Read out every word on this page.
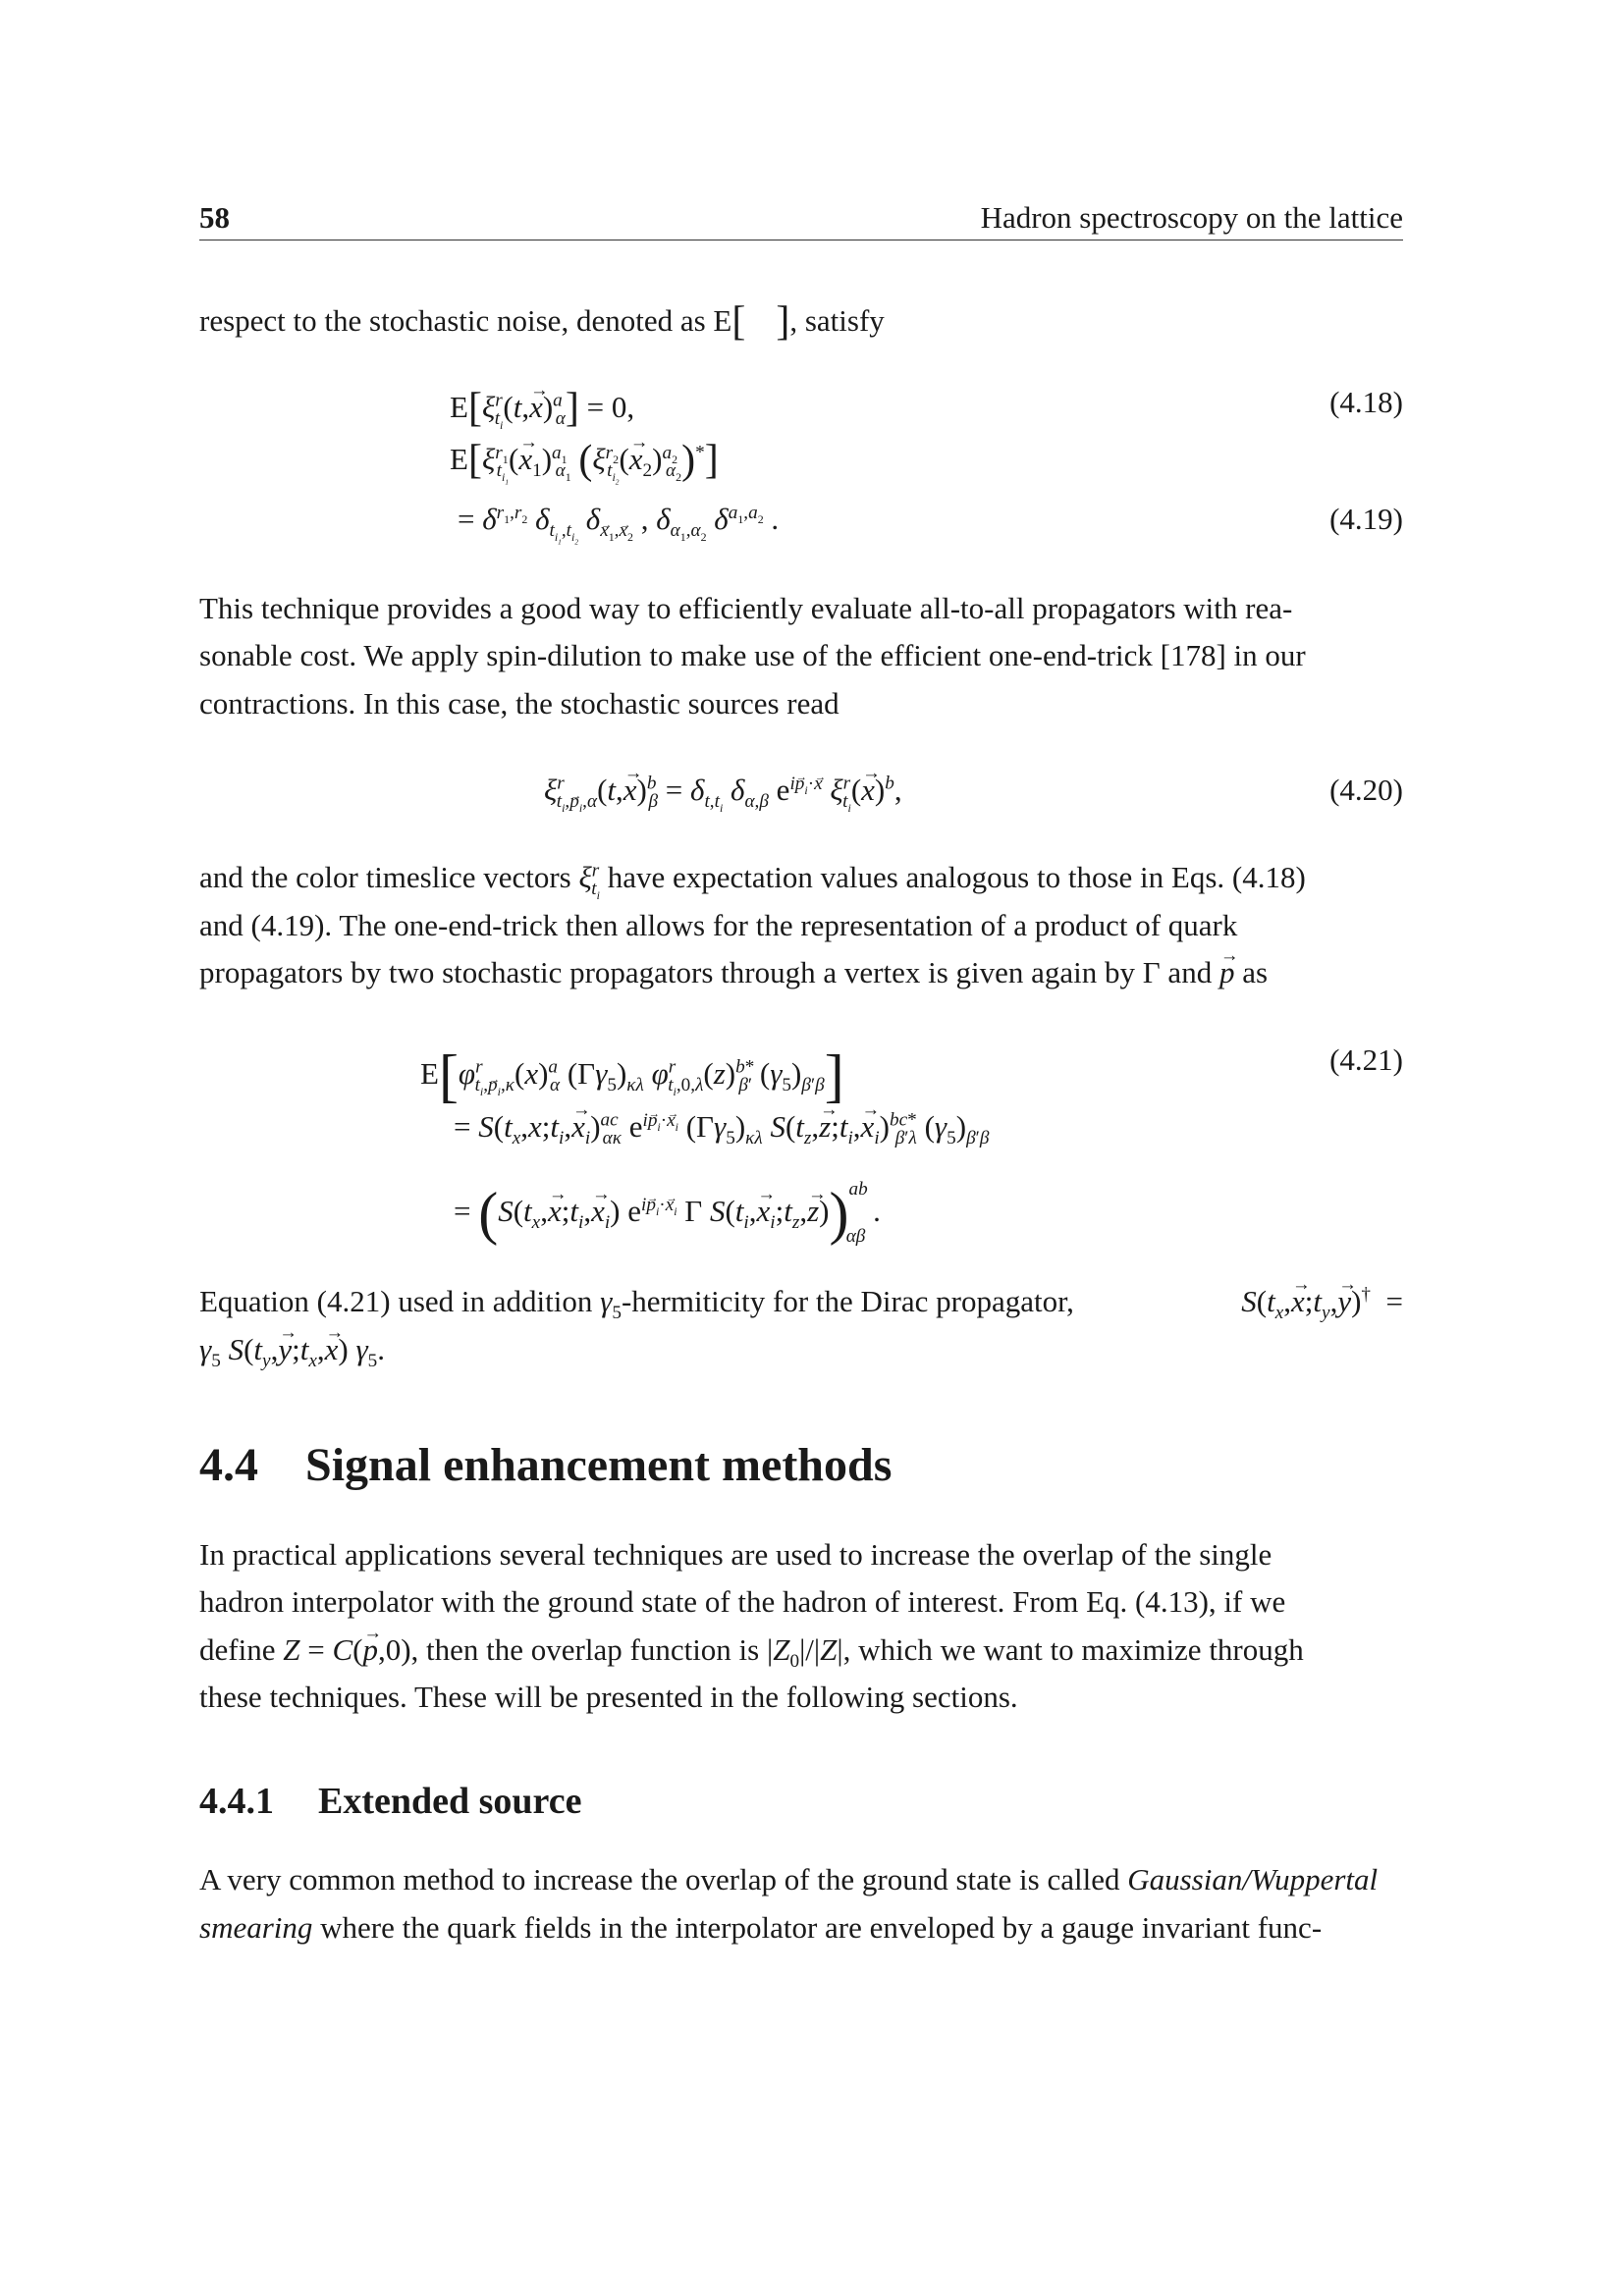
58	Hadron spectroscopy on the lattice
respect to the stochastic noise, denoted as E[ ], satisfy
$E[\xi^r_{t_i}(t,\to x)^a_\alpha] = 0$,	(4.18)
$E[\xi^{r_1}_{t_{i_1}}(\to x_1)^{a_1}_{\alpha_1}$ $(\xi^{r_2}_{t_{i_2}}(\to x_2)^{a_2}_{\alpha_2})^*$]
= $\delta^{r_1,r_2}$ $\delta_{t_{i_1},t_{i_2}}$ $\delta_{x_1,x_2}$ , $\delta_{\alpha_1,\alpha_2}$ $\delta^{a_1,a_2}$ .	(4.19)
This technique provides a good way to efficiently evaluate all-to-all propagators with rea-
sonable cost. We apply spin-dilution to make use of the efficient one-end-trick [178] in our
contractions. In this case, the stochastic sources read
$\xi^r_{t_i,p_i,\alpha}(t,\to x)^b_\beta = \delta_{t,t_i}$ $\delta_{\alpha,\beta}$ $e^{ip_i\cdot x}$ $\xi^r_{t_i}(\to x)^b$,	(4.20)
and the color timeslice vectors $\xi^r_{t_i}$ have expectation values analogous to those in Eqs. (4.18)
and (4.19). The one-end-trick then allows for the representation of a product of quark
propagators by two stochastic propagators through a vertex is given again by Γ and → p as
$E[\varphi^r_{t_i,p_i,\kappa}(x)^a_\alpha$ $(\Gamma\gamma_5)_{\kappa\lambda}$ $\varphi^r_{t_i,0,\lambda}(z)^{b*}_{\beta'}$ $(\gamma_5)_{\beta'\beta}$]	(4.21)
= $S(t_x,x;t_i,\to x_i)^{ac}_{\alpha\kappa}$ $e^{ip_i\cdot x_i}$ $(\Gamma\gamma_5)_{\kappa\lambda}$ $S(t_z,\to$ $z;t_i,\to x_i)^{bc*}_{\beta'\lambda}$ $(\gamma_5)_{\beta'\beta}$
= ($S(t_x,\to$ $x;t_i,\to x_i$) $e^{ip_i\cdot x_i}$ Γ $S(t_i,\to$ $x_i;t_z,\to z))^{ab}_{\alpha\beta}$ .
Equation (4.21) used in addition $\gamma_5$-hermiticity for the Dirac propagator,	$S(t_x,\to$ $x;t_y,\to y)^\dagger$  =
$\gamma_5$ $S(t_y,\to$ $y;t_x,\to x$) $\gamma_5$.
4.4 Signal enhancement methods
In practical applications several techniques are used to increase the overlap of the single
hadron interpolator with the ground state of the hadron of interest. From Eq. (4.13), if we
define Z = C(→ p,0), then the overlap function is $|Z_0|/|Z|$, which we want to maximize through
these techniques. These will be presented in the following sections.
4.4.1 Extended source
A very common method to increase the overlap of the ground state is called Gaussian/Wuppertal
smearing where the quark fields in the interpolator are enveloped by a gauge invariant func-
